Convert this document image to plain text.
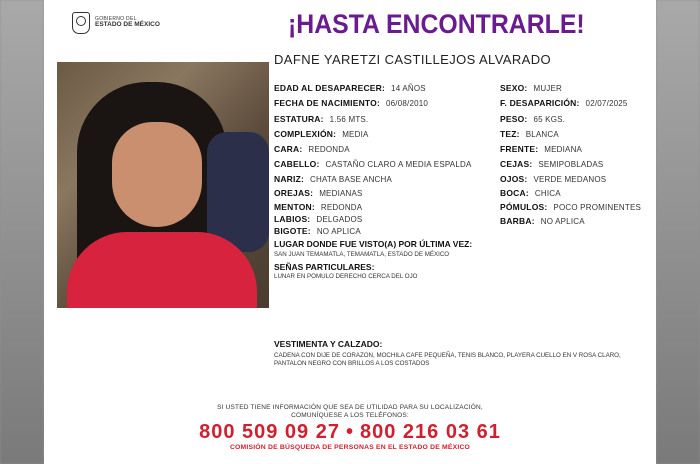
GOBIERNO DEL
ESTADO DE MÉXICO	¡HASTA ENCONTRARLE!
DAFNE YARETZI CASTILLEJOS ALVARADO
EDAD AL DESAPARECER: 14 AÑOS
FECHA DE NACIMIENTO: 06/08/2010
ESTATURA: 1.56 MTS.
COMPLEXIÓN: MEDIA
CARA: REDONDA
CABELLO: CASTAÑO CLARO A MEDIA ESPALDA
NARIZ: CHATA BASE ANCHA
OREJAS: MEDIANAS
MENTON: REDONDA
LABIOS: DELGADOS
BIGOTE: NO APLICA
SEXO: MUJER
F. DESAPARICIÓN: 02/07/2025
PESO: 65 KGS.
TEZ: BLANCA
FRENTE: MEDIANA
CEJAS: SEMIPOBLADAS
OJOS: VERDE MEDANOS
BOCA: CHICA
PÓMULOS: POCO PROMINENTES
BARBA: NO APLICA
LUGAR DONDE FUE VISTO(A) POR ÚLTIMA VEZ:
SAN JUAN TEMAMATLA, TEMAMATLA, ESTADO DE MÉXICO
SEÑAS PARTICULARES:
LUNAR EN POMULO DERECHO CERCA DEL OJO
VESTIMENTA Y CALZADO:
CADENA CON DIJE DE CORAZON, MOCHILA CAFE PEQUEÑA, TENIS BLANCO, PLAYERA CUELLO EN V ROSA CLARO, PANTALON NEGRO CON BRILLOS A LOS COSTADOS
SI USTED TIENE INFORMACIÓN QUE SEA DE UTILIDAD PARA SU LOCALIZACIÓN,
COMUNÍQUESE A LOS TELÉFONOS:
800 509 09 27 • 800 216 03 61
COMISIÓN DE BÚSQUEDA DE PERSONAS EN EL ESTADO DE MÉXICO
